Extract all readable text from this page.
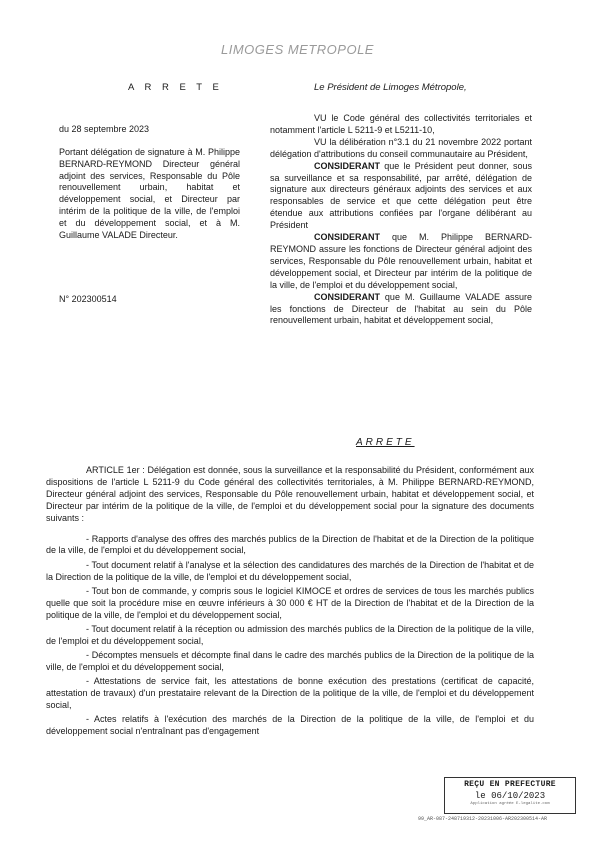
LIMOGES METROPOLE
A R R E T E	Le Président de Limoges Métropole,
du 28 septembre 2023
Portant délégation de signature à M. Philippe BERNARD-REYMOND Directeur général adjoint des services, Responsable du Pôle renouvellement urbain, habitat et développement social, et Directeur par intérim de la politique de la ville, de l'emploi et du développement social, et à M. Guillaume VALADE Directeur.
N° 202300514

VU le Code général des collectivités territoriales et notamment l'article L 5211-9 et L5211-10,

VU la délibération n°3.1 du 21 novembre 2022 portant délégation d'attributions du conseil communautaire au Président,

CONSIDERANT que le Président peut donner, sous sa surveillance et sa responsabilité, par arrêté, délégation de signature aux directeurs généraux adjoints des services et aux responsables de service et que cette délégation peut être étendue aux attributions confiées par l'organe délibérant au Président

CONSIDERANT que M. Philippe BERNARD-REYMOND assure les fonctions de Directeur général adjoint des services, Responsable du Pôle renouvellement urbain, habitat et développement social, et Directeur par intérim de la politique de la ville, de l'emploi et du développement social,

CONSIDERANT que M. Guillaume VALADE assure les fonctions de Directeur de l'habitat au sein du Pôle renouvellement urbain, habitat et développement social,

ARRETE

ARTICLE 1er : Délégation est donnée, sous la surveillance et la responsabilité du Président, conformément aux dispositions de l'article L 5211-9 du Code général des collectivités territoriales, à M. Philippe BERNARD-REYMOND, Directeur général adjoint des services, Responsable du Pôle renouvellement urbain, habitat et développement social, et Directeur par intérim de la politique de la ville, de l'emploi et du développement social pour la signature des documents suivants :

- Rapports d'analyse des offres des marchés publics de la Direction de l'habitat et de la Direction de la politique de la ville, de l'emploi et du développement social,
- Tout document relatif à l'analyse et la sélection des candidatures des marchés de la Direction de l'habitat et de la Direction de la politique de la ville, de l'emploi et du développement social,
- Tout bon de commande, y compris sous le logiciel KIMOCE et ordres de services de tous les marchés publics quelle que soit la procédure mise en œuvre inférieurs à 30 000 € HT de la Direction de l'habitat et de la Direction de la politique de la ville, de l'emploi et du développement social,
- Tout document relatif à la réception ou admission des marchés publics de la Direction de la politique de la ville, de l'emploi et du développement social,
- Décomptes mensuels et décompte final dans le cadre des marchés publics de la Direction de la politique de la ville, de l'emploi et du développement social,
- Attestations de service fait, les attestations de bonne exécution des prestations (certificat de capacité, attestation de travaux) d'un prestataire relevant de la Direction de la politique de la ville, de l'emploi et du développement social,
- Actes relatifs à l'exécution des marchés de la Direction de la politique de la ville, de l'emploi et du développement social n'entraînant pas d'engagement
REÇU EN PREFECTURE
le 06/10/2023
Application agréée E-legalite.com
99_AR-087-248719312-20231006-AR202300514-AR
